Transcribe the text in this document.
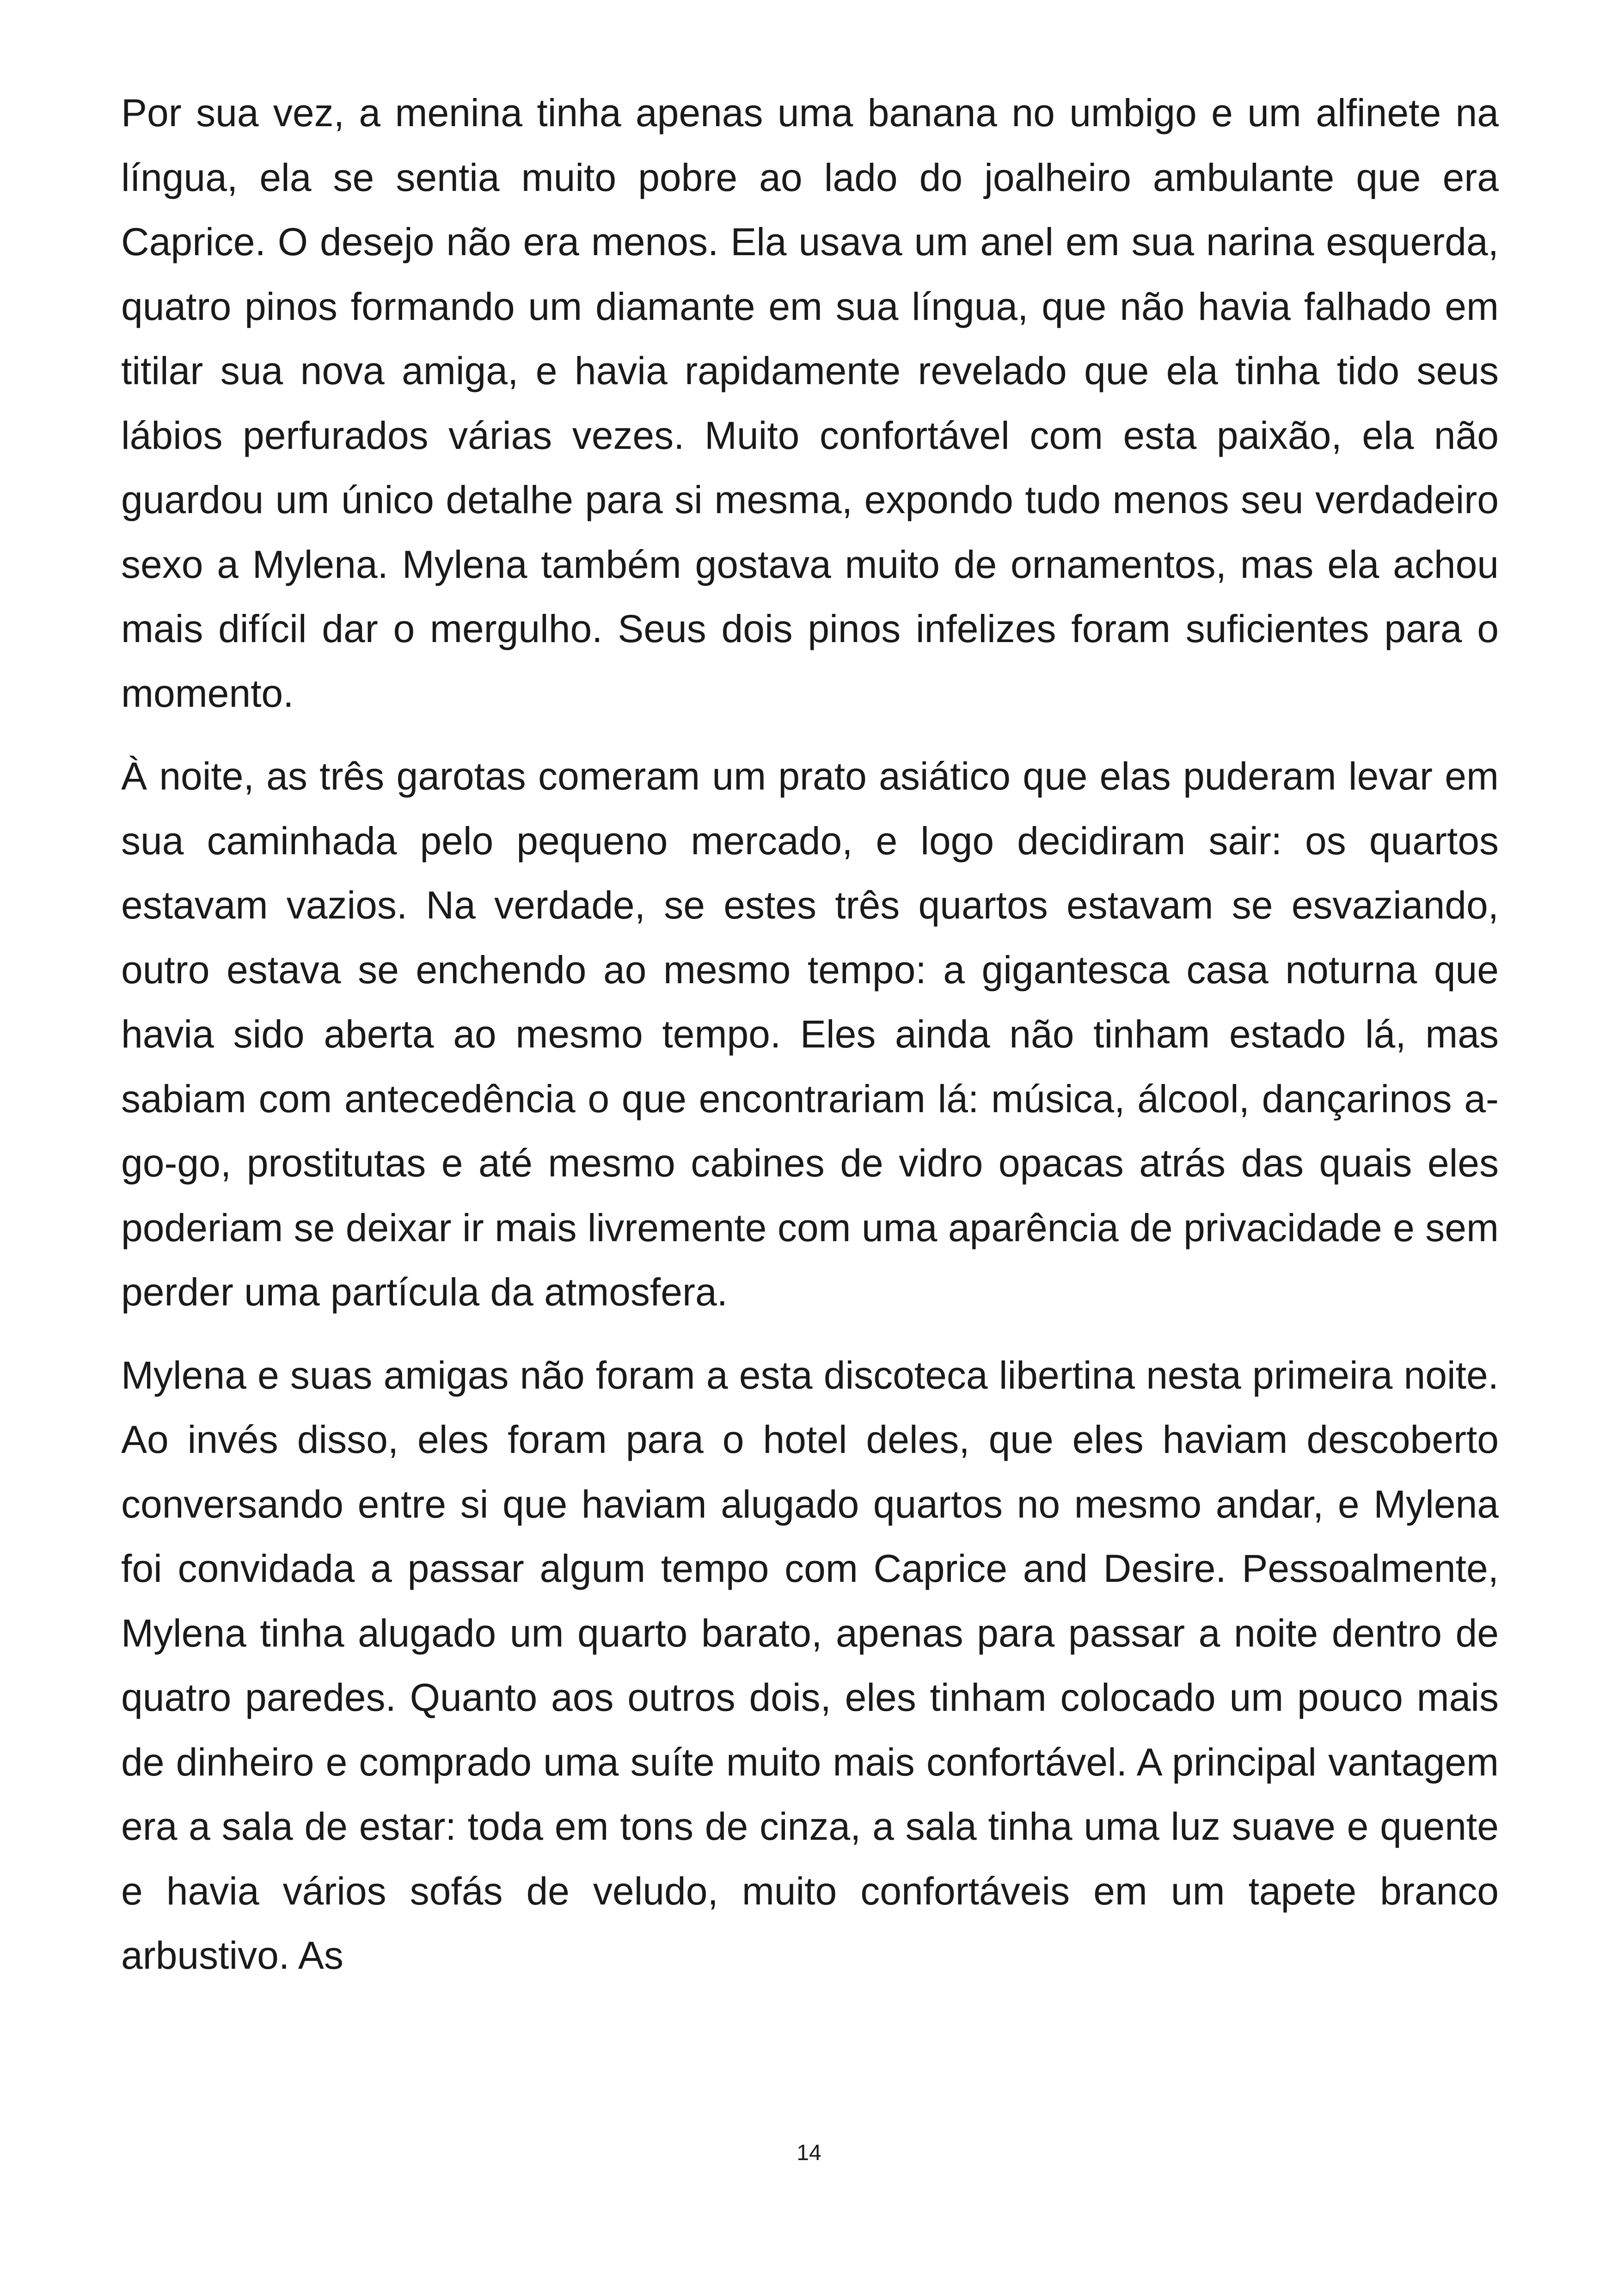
Por sua vez, a menina tinha apenas uma banana no umbigo e um alfinete na língua, ela se sentia muito pobre ao lado do joalheiro ambulante que era Caprice. O desejo não era menos. Ela usava um anel em sua narina esquerda, quatro pinos formando um diamante em sua língua, que não havia falhado em titilar sua nova amiga, e havia rapidamente revelado que ela tinha tido seus lábios perfurados várias vezes. Muito confortável com esta paixão, ela não guardou um único detalhe para si mesma, expondo tudo menos seu verdadeiro sexo a Mylena. Mylena também gostava muito de ornamentos, mas ela achou mais difícil dar o mergulho. Seus dois pinos infelizes foram suficientes para o momento.

À noite, as três garotas comeram um prato asiático que elas puderam levar em sua caminhada pelo pequeno mercado, e logo decidiram sair: os quartos estavam vazios. Na verdade, se estes três quartos estavam se esvaziando, outro estava se enchendo ao mesmo tempo: a gigantesca casa noturna que havia sido aberta ao mesmo tempo. Eles ainda não tinham estado lá, mas sabiam com antecedência o que encontrariam lá: música, álcool, dançarinos a-go-go, prostitutas e até mesmo cabines de vidro opacas atrás das quais eles poderiam se deixar ir mais livremente com uma aparência de privacidade e sem perder uma partícula da atmosfera.

Mylena e suas amigas não foram a esta discoteca libertina nesta primeira noite. Ao invés disso, eles foram para o hotel deles, que eles haviam descoberto conversando entre si que haviam alugado quartos no mesmo andar, e Mylena foi convidada a passar algum tempo com Caprice and Desire. Pessoalmente, Mylena tinha alugado um quarto barato, apenas para passar a noite dentro de quatro paredes. Quanto aos outros dois, eles tinham colocado um pouco mais de dinheiro e comprado uma suíte muito mais confortável. A principal vantagem era a sala de estar: toda em tons de cinza, a sala tinha uma luz suave e quente e havia vários sofás de veludo, muito confortáveis em um tapete branco arbustivo. As

14
